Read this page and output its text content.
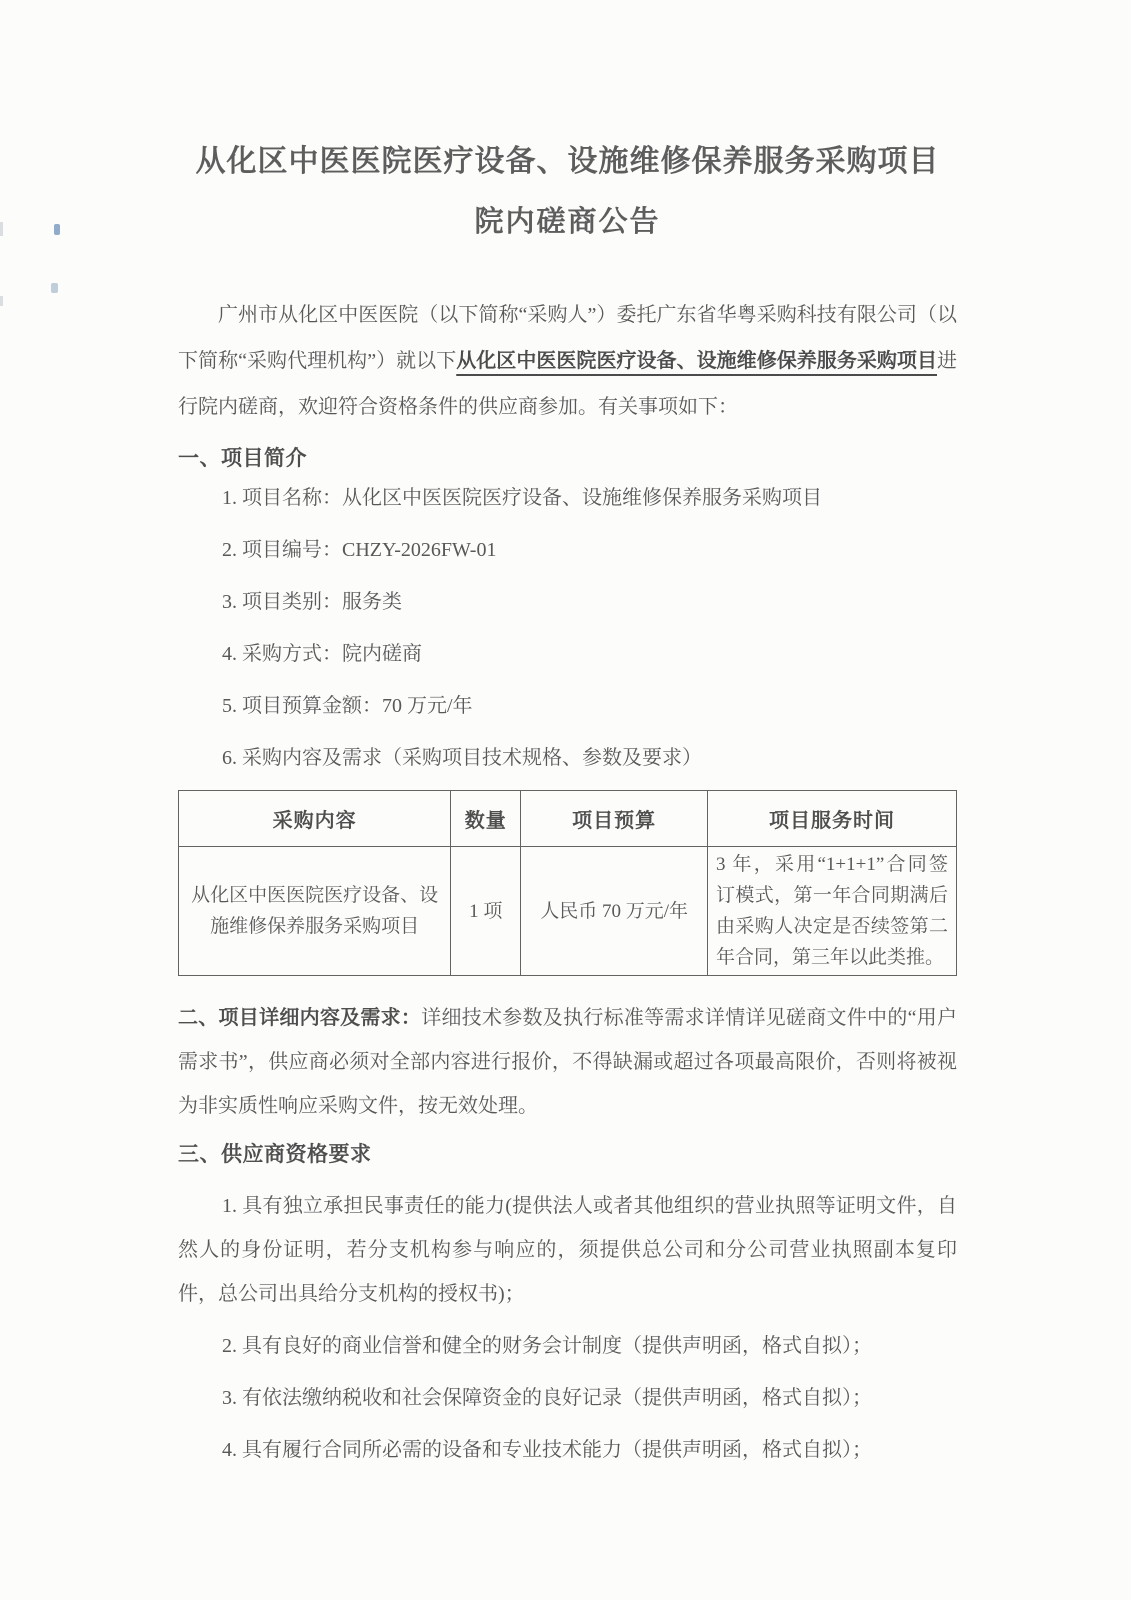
从化区中医医院医疗设备、设施维修保养服务采购项目
院内磋商公告

广州市从化区中医医院（以下简称“采购人”）委托广东省华粤采购科技有限公司（以下简称“采购代理机构”）就以下从化区中医医院医疗设备、设施维修保养服务采购项目进行院内磋商，欢迎符合资格条件的供应商参加。有关事项如下：

一、项目简介

1. 项目名称：从化区中医医院医疗设备、设施维修保养服务采购项目

2. 项目编号：CHZY-2026FW-01

3. 项目类别：服务类

4. 采购方式：院内磋商

5. 项目预算金额：70 万元/年

6. 采购内容及需求（采购项目技术规格、参数及要求）

采购内容	数量	项目预算	项目服务时间
从化区中医医院医疗设备、设施维修保养服务采购项目	1 项	人民币 70 万元/年	3 年，采用“1+1+1”合同签订模式，第一年合同期满后由采购人决定是否续签第二年合同，第三年以此类推。

二、项目详细内容及需求：详细技术参数及执行标准等需求详情详见磋商文件中的“用户需求书”，供应商必须对全部内容进行报价，不得缺漏或超过各项最高限价，否则将被视为非实质性响应采购文件，按无效处理。

三、供应商资格要求

1. 具有独立承担民事责任的能力(提供法人或者其他组织的营业执照等证明文件，自然人的身份证明，若分支机构参与响应的，须提供总公司和分公司营业执照副本复印件，总公司出具给分支机构的授权书)；

2. 具有良好的商业信誉和健全的财务会计制度（提供声明函，格式自拟）；

3. 有依法缴纳税收和社会保障资金的良好记录（提供声明函，格式自拟）；

4. 具有履行合同所必需的设备和专业技术能力（提供声明函，格式自拟）；
